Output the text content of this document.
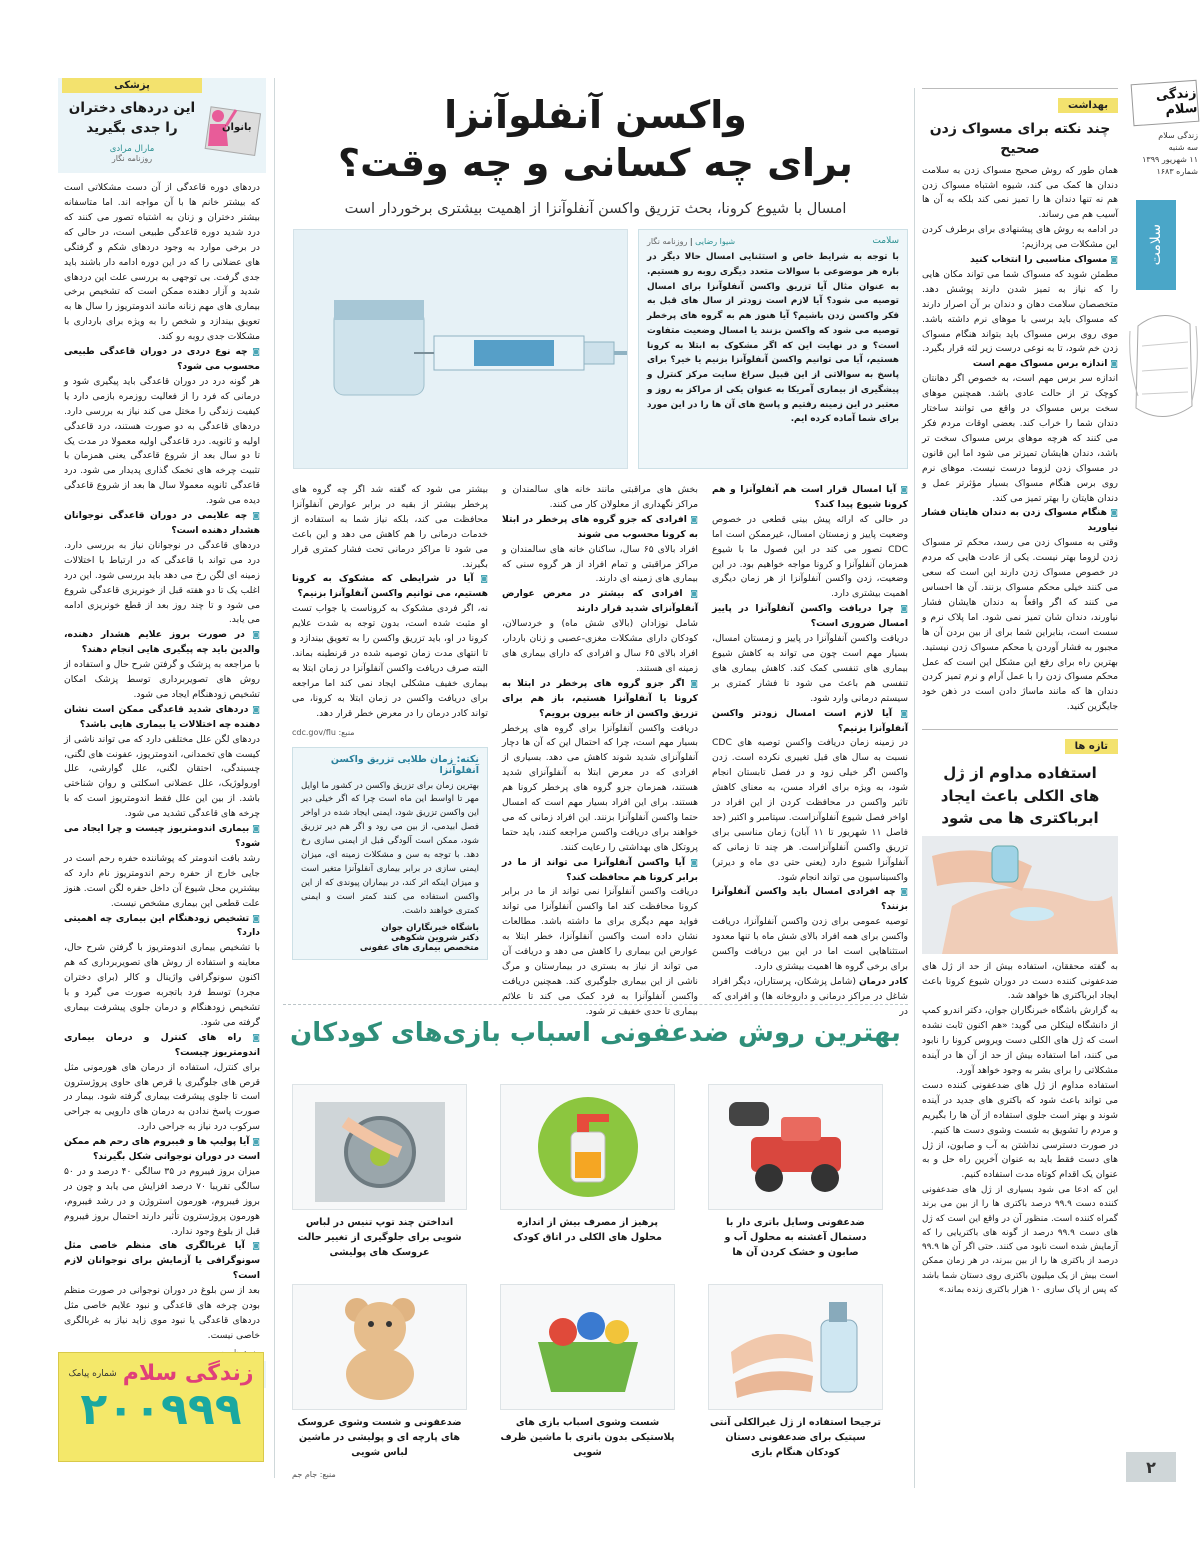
زندگی سلام
زندگی سلام
سه شنبه
۱۱ شهریور ۱۳۹۹
شماره ۱۶۸۳
سلامت
۲
بهداشت
چند نکته برای مسواک زدن صحیح

همان طور که روش صحیح مسواک زدن به سلامت دندان ها کمک می کند، شیوه اشتباه مسواک زدن هم نه تنها دندان ها را تمیز نمی کند بلکه به آن ها آسیب هم می رساند.

در ادامه به روش های پیشنهادی برای برطرف کردن این مشکلات می پردازیم:

◙ مسواک مناسبی را انتخاب کنید

مطمئن شوید که مسواک شما می تواند مکان هایی را که نیاز به تمیز شدن دارند پوشش دهد. متخصصان سلامت دهان و دندان بر آن اصرار دارند که مسواک باید برسی با موهای نرم داشته باشد. موی روی برس مسواک باید بتواند هنگام مسواک زدن خم شود، تا به نوعی درست زیر لثه قرار بگیرد.

◙ اندازه برس مسواک مهم است

اندازه سر برس مهم است، به خصوص اگر دهانتان کوچک تر از حالت عادی باشد. همچنین موهای سخت برس مسواک در واقع می توانند ساختار دندان شما را خراب کند. بعضی اوقات مردم فکر می کنند که هرچه موهای برس مسواک سخت تر باشد، دندان هایشان تمیزتر می شود اما این قانون در مسواک زدن لزوما درست نیست. موهای نرم روی برس هنگام مسواک بسیار مؤثرتر عمل و دندان هایتان را بهتر تمیز می کند.

◙ هنگام مسواک زدن به دندان هایتان فشار نیاورید

وقتی به مسواک زدن می رسد، محکم تر مسواک زدن لزوما بهتر نیست. یکی از عادت هایی که مردم در خصوص مسواک زدن دارند این است که سعی می کنند خیلی محکم مسواک بزنند. آن ها احساس می کنند که اگر واقعاً به دندان هایشان فشار نیاورند، دندان شان تمیز نمی شود. اما پلاک نرم و سست است، بنابراین شما برای از بین بردن آن ها مجبور به فشار آوردن یا محکم مسواک زدن نیستید. بهترین راه برای رفع این مشکل این است که عمل محکم مسواک زدن را با عمل آرام و نرم تمیز کردن دندان ها که مانند ماساژ دادن است در ذهن خود جایگزین کنید.

تازه ها
استفاده مداوم از ژل های الکلی باعث ایجاد ابرباکتری ها می شود

به گفته محققان، استفاده بیش از حد از ژل های ضدعفونی کننده دست در دوران شیوع کرونا باعث ایجاد ابرباکتری ها خواهد شد.

به گزارش باشگاه خبرنگاران جوان، دکتر اندرو کمپ از دانشگاه لینکلن می گوید: «هم اکنون ثابت نشده است که ژل های الکلی دست ویروس کرونا را نابود می کنند، اما استفاده بیش از حد از آن ها در آینده مشکلاتی را برای بشر به وجود خواهد آورد.

استفاده مداوم از ژل های ضدعفونی کننده دست می تواند باعث شود که باکتری های جدید در آینده شوند و بهتر است جلوی استفاده از آن ها را بگیریم و مردم را تشویق به شست وشوی دست ها کنیم.

در صورت دسترسی نداشتن به آب و صابون، از ژل های دست فقط باید به عنوان آخرین راه حل و به عنوان یک اقدام کوتاه مدت استفاده کنیم.

این که ادعا می شود بسیاری از ژل های ضدعفونی کننده دست ۹۹.۹ درصد باکتری ها را از بین می برند گمراه کننده است. منظور آن در واقع این است که ژل های دست ۹۹.۹ درصد از گونه های باکتریایی را که آزمایش شده است نابود می کنند. حتی اگر آن ها ۹۹.۹ درصد از باکتری ها را از بین ببرند، در هر زمان ممکن است بیش از یک میلیون باکتری روی دستان شما باشد که پس از پاک سازی ۱۰ هزار باکتری زنده بماند.»

بانوان
پزشکی
این دردهای دختران را جدی بگیرید
مارال مرادی
روزنامه نگار

دردهای دوره قاعدگی از آن دست مشکلاتی است که بیشتر خانم ها با آن مواجه اند. اما متاسفانه بیشتر دختران و زنان به اشتباه تصور می کنند که درد شدید دوره قاعدگی طبیعی است، در حالی که در برخی موارد به وجود دردهای شکم و گرفتگی های عضلانی را که در این دوره ادامه دار باشند باید جدی گرفت. بی توجهی به بررسی علت این دردهای شدید و آزار دهنده ممکن است که تشخیص برخی بیماری های مهم زنانه مانند اندومتریوز را سال ها به تعویق بیندازد و شخص را به ویژه برای بارداری با مشکلات جدی روبه رو کند.

◙ چه نوع دردی در دوران قاعدگی طبیعی محسوب می شود؟

هر گونه درد در دوران قاعدگی باید پیگیری شود و درمانی که فرد را از فعالیت روزمره بازمی دارد یا کیفیت زندگی را مختل می کند نیاز به بررسی دارد. دردهای قاعدگی به دو صورت هستند، درد قاعدگی اولیه و ثانویه. درد قاعدگی اولیه معمولا در مدت یک تا دو سال بعد از شروع قاعدگی یعنی همزمان با تثبیت چرخه های تخمک گذاری پدیدار می شود. درد قاعدگی ثانویه معمولا سال ها بعد از شروع قاعدگی دیده می شود.

◙ چه علایمی در دوران قاعدگی نوجوانان هشدار دهنده است؟

دردهای قاعدگی در نوجوانان نیاز به بررسی دارد. درد می تواند با قاعدگی که در ارتباط با اختلالات زمینه ای لگن رخ می دهد باید بررسی شود. این درد اغلب یک تا دو هفته قبل از خونریزی قاعدگی شروع می شود و تا چند روز بعد از قطع خونریزی ادامه می یابد.

◙ در صورت بروز علایم هشدار دهنده، والدین باید چه پیگیری هایی انجام دهند؟

با مراجعه به پزشک و گرفتن شرح حال و استفاده از روش های تصویربرداری توسط پزشک امکان تشخیص زودهنگام ایجاد می شود.

◙ دردهای شدید قاعدگی ممکن است نشان دهنده چه اختلالات یا بیماری هایی باشد؟

دردهای لگن علل مختلفی دارد که می تواند ناشی از کیست های تخمدانی، اندومتریوز، عفونت های لگنی، چسبندگی، احتقان لگنی، علل گوارشی، علل اورولوژیک، علل عضلانی اسکلتی و روان شناختی باشد. از بین این علل فقط اندومتریوز است که با چرخه های قاعدگی تشدید می شود.

◙ بیماری اندومتریوز چیست و چرا ایجاد می شود؟

رشد بافت اندومتر که پوشاننده حفره رحم است در جایی خارج از حفره رحم اندومتریوز نام دارد که بیشترین محل شیوع آن داخل حفره لگن است. هنوز علت قطعی این بیماری مشخص نیست.

◙ تشخیص زودهنگام این بیماری چه اهمیتی دارد؟

با تشخیص بیماری اندومتریوز با گرفتن شرح حال، معاینه و استفاده از روش های تصویربرداری که هم اکنون سونوگرافی واژینال و کالر (برای دختران مجرد) توسط فرد باتجربه صورت می گیرد و با تشخیص زودهنگام و درمان جلوی پیشرفت بیماری گرفته می شود.

◙ راه های کنترل و درمان بیماری اندومتریوز چیست؟

برای کنترل، استفاده از درمان های هورمونی مثل قرص های جلوگیری یا قرص های حاوی پروژسترون است تا جلوی پیشرفت بیماری گرفته شود. بیمار در صورت پاسخ ندادن به درمان های دارویی به جراحی سرکوب درد نیاز به جراحی دارد.

◙ آیا پولیپ ها و فیبروم های رحم هم ممکن است در دوران نوجوانی شکل بگیرند؟

میزان بروز فیبروم در ۳۵ سالگی ۴۰ درصد و در ۵۰ سالگی تقریبا ۷۰ درصد افزایش می یابد و چون در بروز فیبروم، هورمون استروژن و در رشد فیبروم، هورمون پروژسترون تأثیر دارند احتمال بروز فیبروم قبل از بلوغ وجود ندارد.

◙ آیا غربالگری های منظم خاصی مثل سونوگرافی یا آزمایش برای نوجوانان لازم است؟

بعد از سن بلوغ در دوران نوجوانی در صورت منظم بودن چرخه های قاعدگی و نبود علایم خاصی مثل دردهای قاعدگی یا نبود موی زاید نیاز به غربالگری خاصی نیست.

زندگی سلام
شماره پیامک
۲۰۰۹۹۹
واکسن آنفلوآنزا
برای چه کسانی و چه وقت؟
امسال با شیوع کرونا، بحث تزریق واکسن آنفلوآنزا از اهمیت بیشتری برخوردار است
سلامت
شیوا رضایی | روزنامه نگار

با توجه به شرایط خاص و استثنایی امسال حالا دیگر در باره هر موضوعی با سوالات متعدد دیگری روبه رو هستیم. به عنوان مثال آیا تزریق واکسن آنفلوآنزا برای امسال توصیه می شود؟ آیا لازم است زودتر از سال های قبل به فکر واکسن زدن باشیم؟ آیا هنوز هم به گروه های پرخطر توصیه می شود که واکسن بزنند یا امسال وضعیت متفاوت است؟ و در نهایت این که اگر مشکوک به ابتلا به کرونا هستیم، آیا می توانیم واکسن آنفلوآنزا بزنیم یا خیر؟ برای پاسخ به سوالاتی از این قبیل سراغ سایت مرکز کنترل و پیشگیری از بیماری آمریکا به عنوان یکی از مراکز به روز و معتبر در این زمینه رفتیم و پاسخ های آن ها را در این مورد برای شما آماده کرده ایم.

◙ آیا امسال قرار است هم آنفلوآنزا و هم کرونا شیوع پیدا کند؟

در حالی که ارائه پیش بینی قطعی در خصوص وضعیت پاییز و زمستان امسال، غیرممکن است اما CDC تصور می کند در این فصول ما با شیوع همزمان آنفلوآنزا و کرونا مواجه خواهیم بود. در این وضعیت، زدن واکسن آنفلوآنزا از هر زمان دیگری اهمیت بیشتری دارد.

◙ چرا دریافت واکسن آنفلوآنزا در پاییز امسال ضروری است؟

دریافت واکسن آنفلوآنزا در پاییز و زمستان امسال، بسیار مهم است چون می تواند به کاهش شیوع بیماری های تنفسی کمک کند. کاهش بیماری های تنفسی هم باعث می شود تا فشار کمتری بر سیستم درمانی وارد شود.

◙ آیا لازم است امسال زودتر واکسن آنفلوآنزا بزنیم؟

در زمینه زمان دریافت واکسن توصیه های CDC نسبت به سال های قبل تغییری نکرده است. زدن واکسن اگر خیلی زود و در فصل تابستان انجام شود، به ویژه برای افراد مسن، به معنای کاهش تاثیر واکسن در محافظت کردن از این افراد در اواخر فصل شیوع آنفلوآنزاست. سپتامبر و اکتبر (حد فاصل ۱۱ شهریور تا ۱۱ آبان) زمان مناسبی برای تزریق واکسن آنفلوآنزاست. هر چند تا زمانی که آنفلوآنزا شیوع دارد (یعنی حتی دی ماه و دیرتر) واکسیناسیون می تواند انجام شود.

◙ چه افرادی امسال باید واکسن آنفلوآنزا بزنند؟

توصیه عمومی برای زدن واکسن آنفلوآنزا، دریافت واکسن برای همه افراد بالای شش ماه با تنها معدود استثناهایی است اما در این بین دریافت واکسن برای برخی گروه ها اهمیت بیشتری دارد.

کادر درمان (شامل پزشکان، پرستاران، دیگر افراد شاغل در مراکز درمانی و داروخانه ها) و افرادی که در

بخش های مراقبتی مانند خانه های سالمندان و مراکز نگهداری از معلولان کار می کنند.

◙ افرادی که جزو گروه های پرخطر در ابتلا به کرونا محسوب می شوند

افراد بالای ۶۵ سال، ساکنان خانه های سالمندان و مراکز مراقبتی و تمام افراد از هر گروه سنی که بیماری های زمینه ای دارند.

◙ افرادی که بیشتر در معرض عوارض آنفلوآنزای شدید قرار دارند

شامل نوزادان (بالای شش ماه) و خردسالان، کودکان دارای مشکلات مغزی-عصبی و زنان باردار، افراد بالای ۶۵ سال و افرادی که دارای بیماری های زمینه ای هستند.

◙ اگر جزو گروه های پرخطر در ابتلا به کرونا یا آنفلوآنزا هستیم، باز هم برای تزریق واکسن از خانه بیرون برویم؟

دریافت واکسن آنفلوآنزا برای گروه های پرخطر بسیار مهم است، چرا که احتمال این که آن ها دچار آنفلوآنزای شدید شوند کاهش می دهد. بسیاری از افرادی که در معرض ابتلا به آنفلوآنزای شدید هستند، همزمان جزو گروه های پرخطر کرونا هم هستند. برای این افراد بسیار مهم است که امسال حتما واکسن آنفلوآنزا بزنند. این افراد زمانی که می خواهند برای دریافت واکسن مراجعه کنند، باید حتما پروتکل های بهداشتی را رعایت کنند.

◙ آیا واکسن آنفلوآنزا می تواند از ما در برابر کرونا هم محافظت کند؟

دریافت واکسن آنفلوآنزا نمی تواند از ما در برابر کرونا محافظت کند اما واکسن آنفلوآنزا می تواند فواید مهم دیگری برای ما داشته باشد. مطالعات نشان داده است واکسن آنفلوآنزا، خطر ابتلا به عوارض این بیماری را کاهش می دهد و دریافت آن می تواند از نیاز به بستری در بیمارستان و مرگ ناشی از این بیماری جلوگیری کند. همچنین دریافت واکسن آنفلوآنزا به فرد کمک می کند تا علائم بیماری تا حدی خفیف تر شود.

بیشتر می شود که گفته شد اگر چه گروه های پرخطر بیشتر از بقیه در برابر عوارض آنفلوآنزا محافظت می کند، بلکه نیاز شما به استفاده از خدمات درمانی را هم کاهش می دهد و این باعث می شود تا مراکز درمانی تحت فشار کمتری قرار بگیرند.

◙ آیا در شرایطی که مشکوک به کرونا هستیم، می توانیم واکسن آنفلوآنزا بزنیم؟

نه، اگر فردی مشکوک به کروناست یا جواب تست او مثبت شده است، بدون توجه به شدت علایم کرونا در او، باید تزریق واکسن را به تعویق بیندازد و تا انتهای مدت زمان توصیه شده در قرنطینه بماند. البته صرف دریافت واکسن آنفلوآنزا در زمان ابتلا به بیماری خفیف مشکلی ایجاد نمی کند اما مراجعه برای دریافت واکسن در زمان ابتلا به کرونا، می تواند کادر درمان را در معرض خطر قرار دهد.

منبع: cdc.gov/flu
نکته: زمان طلایی تزریق واکسن آنفلوآنزا

بهترین زمان برای تزریق واکسن در کشور ما اوایل مهر تا اواسط این ماه است چرا که اگر خیلی دیر این واکسن تزریق شود، ایمنی ایجاد شده در اواخر فصل ابیدمی، از بین می رود و اگر هم دیر تزریق شود، ممکن است آلودگی قبل از ایمنی سازی رخ دهد. با توجه به سن و مشکلات زمینه ای، میزان ایمنی سازی در برابر بیماری آنفلوآنزا متغیر است و میزان اینکه اثر کند، در بیماران پیوندی که از این واکسن استفاده می کنند کمتر است و ایمنی کمتری خواهند داشت.

باشگاه خبرنگاران جوان
دکتر شروین شکوهی
متخصص بیماری های عفونی
بهترین روش ضدعفونی اسباب بازی‌های کودکان
ضدعفونی وسایل باتری دار با دستمال آغشته به محلول آب و صابون و خشک کردن آن ها
پرهیز از مصرف بیش از اندازه محلول های الکلی در اتاق کودک
انداختن چند توپ تنیس در لباس شویی برای جلوگیری از تغییر حالت عروسک های پولیشی
ترجیحا استفاده از ژل غیرالکلی آنتی سپتیک برای ضدعفونی دستان کودکان هنگام بازی
شست وشوی اسباب بازی های پلاستیکی بدون باتری با ماشین ظرف شویی
ضدعفونی و شست وشوی عروسک های پارچه ای و پولیشی در ماشین لباس شویی
منبع: جام جم
